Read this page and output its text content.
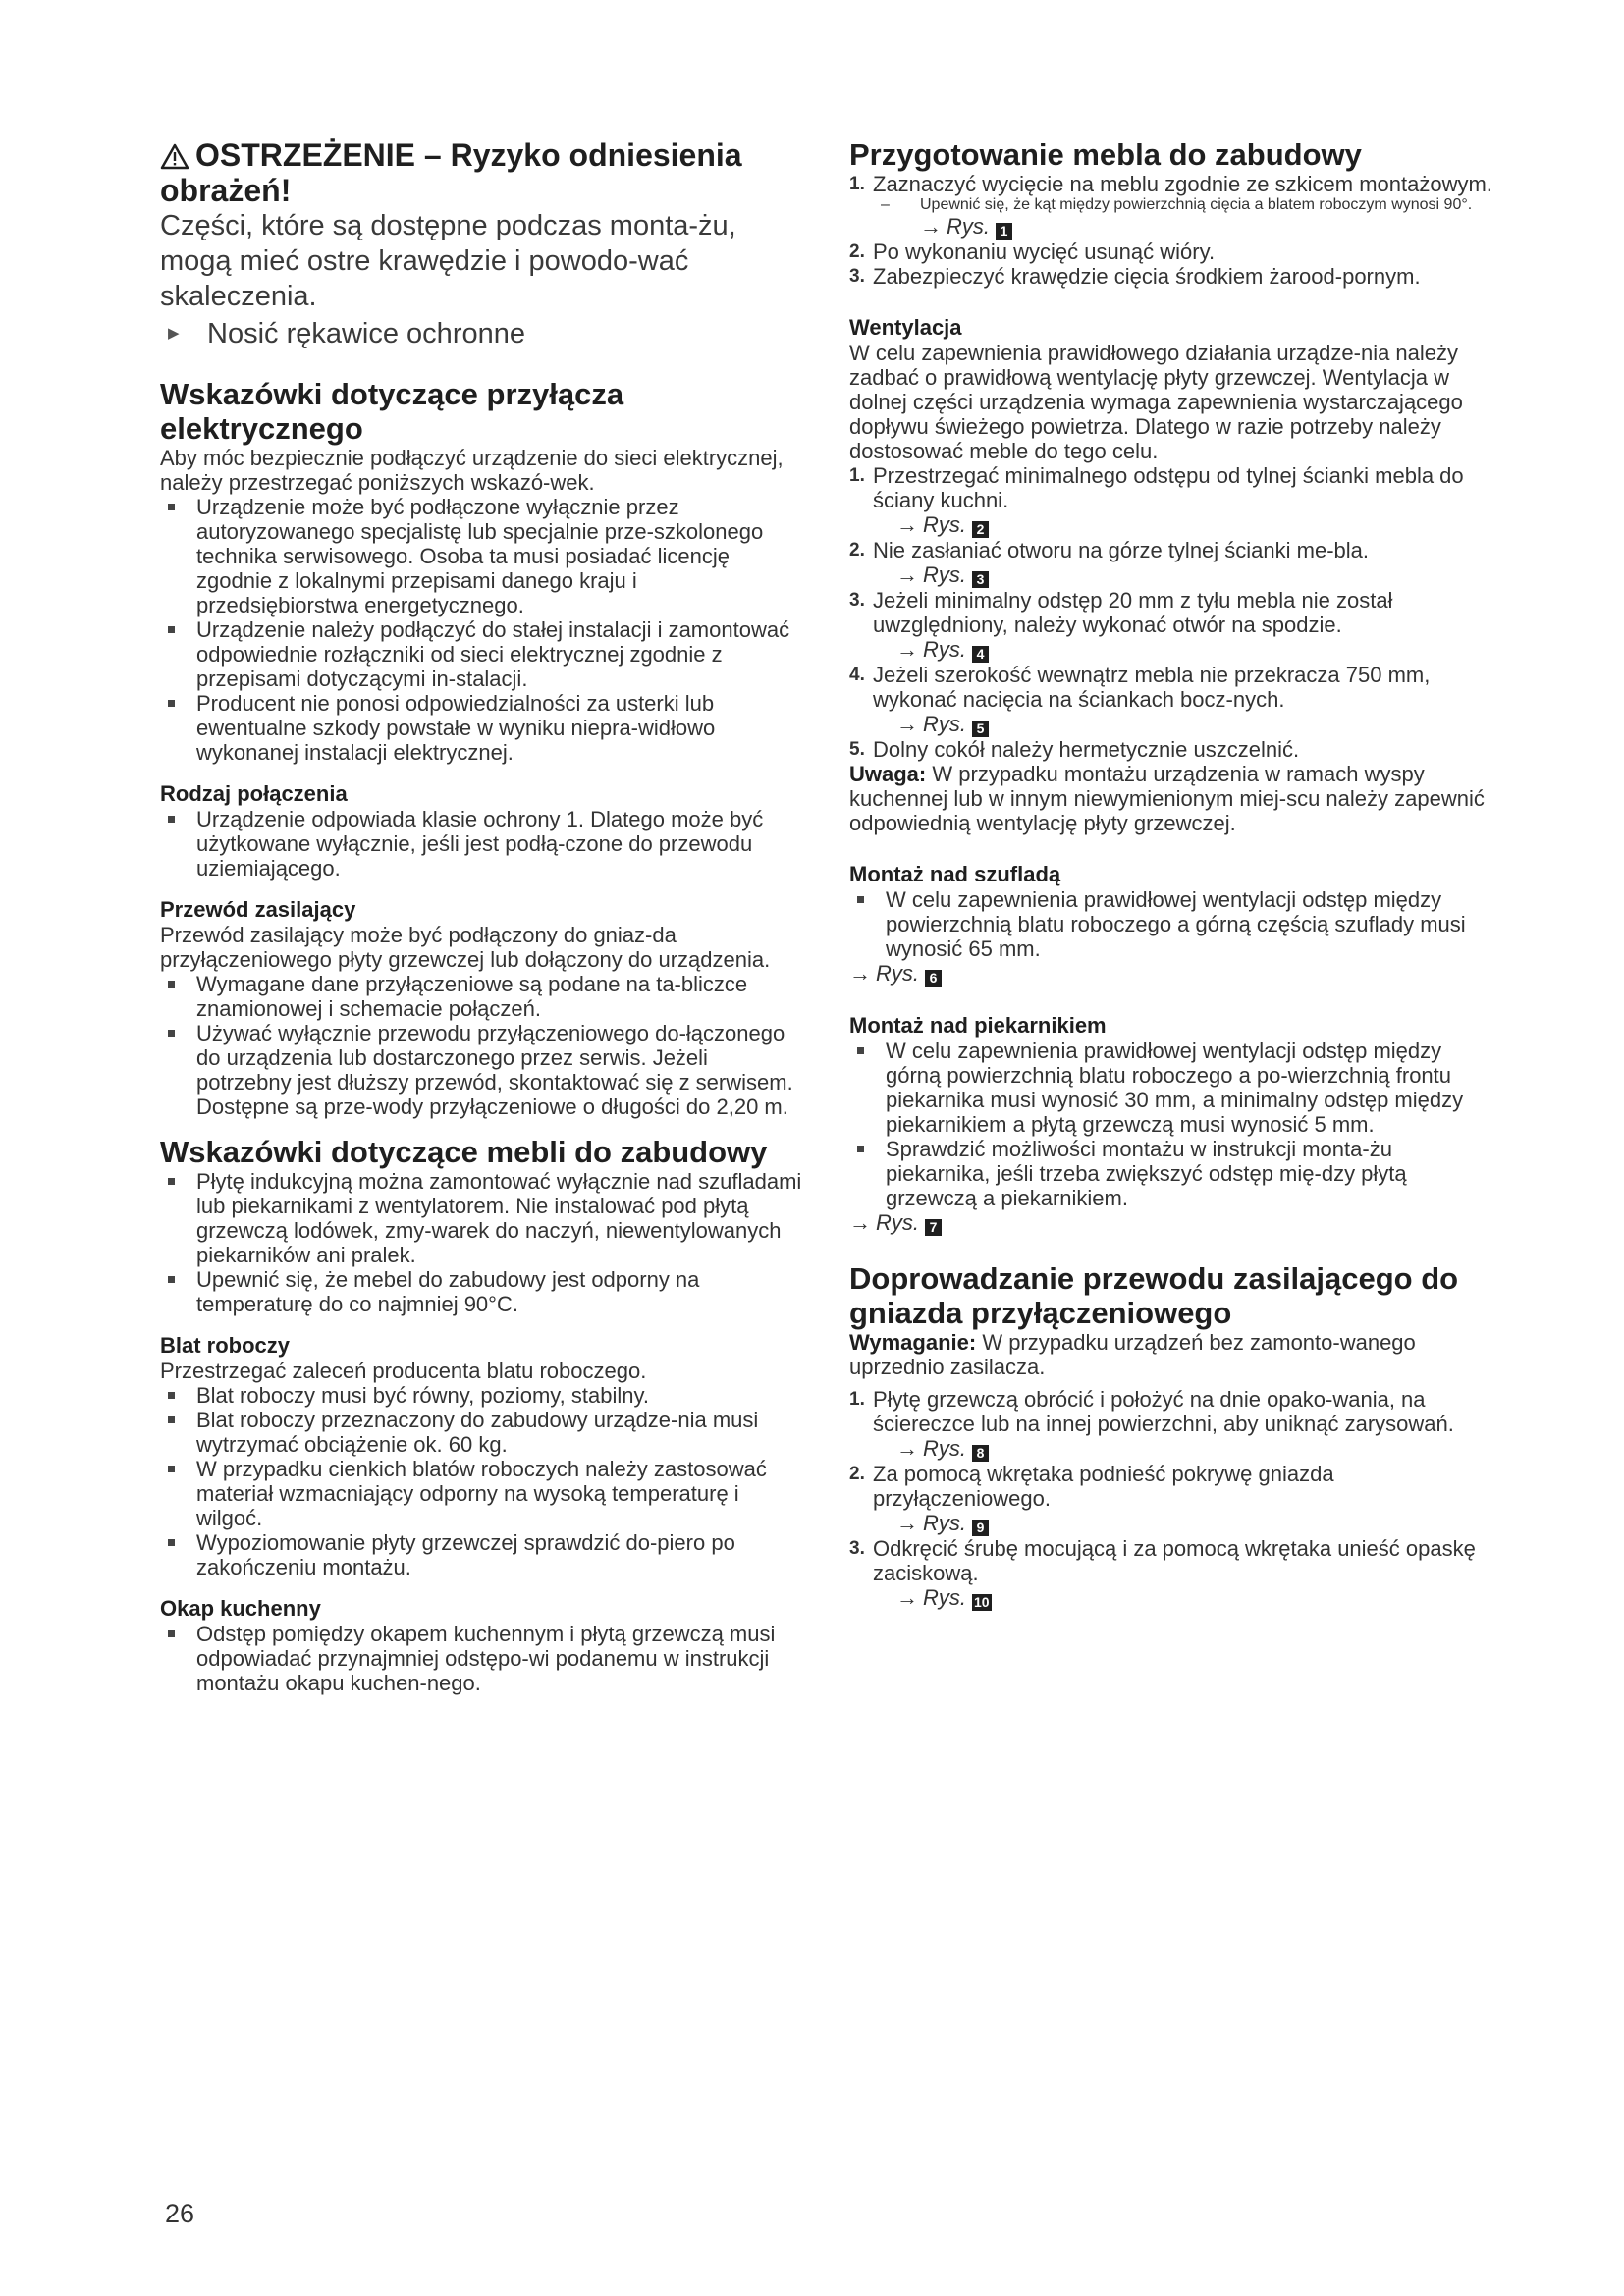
OSTRZEŻENIE – Ryzyko odniesienia obrażeń!
Części, które są dostępne podczas monta-żu, mogą mieć ostre krawędzie i powodo-wać skaleczenia.
▶ Nosić rękawice ochronne
Wskazówki dotyczące przyłącza elektrycznego

Aby móc bezpiecznie podłączyć urządzenie do sieci elektrycznej, należy przestrzegać poniższych wskazó-wek.

Urządzenie może być podłączone wyłącznie przez autoryzowanego specjalistę lub specjalnie prze-szkolonego technika serwisowego. Osoba ta musi posiadać licencję zgodnie z lokalnymi przepisami danego kraju i przedsiębiorstwa energetycznego.
Urządzenie należy podłączyć do stałej instalacji i zamontować odpowiednie rozłączniki od sieci elektrycznej zgodnie z przepisami dotyczącymi in-stalacji.
Producent nie ponosi odpowiedzialności za usterki lub ewentualne szkody powstałe w wyniku niepra-widłowo wykonanej instalacji elektrycznej.
Rodzaj połączenia
Urządzenie odpowiada klasie ochrony 1. Dlatego może być użytkowane wyłącznie, jeśli jest podłą-czone do przewodu uziemiającego.
Przewód zasilający

Przewód zasilający może być podłączony do gniaz-da przyłączeniowego płyty grzewczej lub dołączony do urządzenia.

Wymagane dane przyłączeniowe są podane na ta-bliczce znamionowej i schemacie połączeń.
Używać wyłącznie przewodu przyłączeniowego do-łączonego do urządzenia lub dostarczonego przez serwis. Jeżeli potrzebny jest dłuższy przewód, skontaktować się z serwisem. Dostępne są prze-wody przyłączeniowe o długości do 2,20 m.
Wskazówki dotyczące mebli do zabudowy
Płytę indukcyjną można zamontować wyłącznie nad szufladami lub piekarnikami z wentylatorem. Nie instalować pod płytą grzewczą lodówek, zmy-warek do naczyń, niewentylowanych piekarników ani pralek.
Upewnić się, że mebel do zabudowy jest odporny na temperaturę do co najmniej 90°C.
Blat roboczy

Przestrzegać zaleceń producenta blatu roboczego.

Blat roboczy musi być równy, poziomy, stabilny.
Blat roboczy przeznaczony do zabudowy urządze-nia musi wytrzymać obciążenie ok. 60 kg.
W przypadku cienkich blatów roboczych należy zastosować materiał wzmacniający odporny na wysoką temperaturę i wilgoć.
Wypoziomowanie płyty grzewczej sprawdzić do-piero po zakończeniu montażu.
Okap kuchenny
Odstęp pomiędzy okapem kuchennym i płytą grzewczą musi odpowiadać przynajmniej odstępo-wi podanemu w instrukcji montażu okapu kuchen-nego.
Przygotowanie mebla do zabudowy
1. Zaznaczyć wycięcie na meblu zgodnie ze szkicem montażowym.
–	Upewnić się, że kąt między powierzchnią cięcia a blatem roboczym wynosi 90°.

→ Rys. 1

2. Po wykonaniu wycięć usunąć wióry.
3. Zabezpieczyć krawędzie cięcia środkiem żarood-pornym.
Wentylacja

W celu zapewnienia prawidłowego działania urządze-nia należy zadbać o prawidłową wentylację płyty grzewczej. Wentylacja w dolnej części urządzenia wymaga zapewnienia wystarczającego dopływu świeżego powietrza. Dlatego w razie potrzeby należy dostosować meble do tego celu.

1. Przestrzegać minimalnego odstępu od tylnej ścianki mebla do ściany kuchni.

→ Rys. 2

2. Nie zasłaniać otworu na górze tylnej ścianki me-bla.

→ Rys. 3

3. Jeżeli minimalny odstęp 20 mm z tyłu mebla nie został uwzględniony, należy wykonać otwór na spodzie.

→ Rys. 4

4. Jeżeli szerokość wewnątrz mebla nie przekracza 750 mm, wykonać nacięcia na ściankach bocz-nych.

→ Rys. 5

5. Dolny cokół należy hermetycznie uszczelnić.

Uwaga: W przypadku montażu urządzenia w ramach wyspy kuchennej lub w innym niewymienionym miej-scu należy zapewnić odpowiednią wentylację płyty grzewczej.

Montaż nad szufladą
W celu zapewnienia prawidłowej wentylacji odstęp między powierzchnią blatu roboczego a górną częścią szuflady musi wynosić 65 mm.

→ Rys. 6

Montaż nad piekarnikiem
W celu zapewnienia prawidłowej wentylacji odstęp między górną powierzchnią blatu roboczego a po-wierzchnią frontu piekarnika musi wynosić 30 mm, a minimalny odstęp między piekarnikiem a płytą grzewczą musi wynosić 5 mm.
Sprawdzić możliwości montażu w instrukcji monta-żu piekarnika, jeśli trzeba zwiększyć odstęp mię-dzy płytą grzewczą a piekarnikiem.

→ Rys. 7

Doprowadzanie przewodu zasilającego do gniazda przyłączeniowego

Wymaganie: W przypadku urządzeń bez zamonto-wanego uprzednio zasilacza.

1. Płytę grzewczą obrócić i położyć na dnie opako-wania, na ściereczce lub na innej powierzchni, aby uniknąć zarysowań.

→ Rys. 8

2. Za pomocą wkrętaka podnieść pokrywę gniazda przyłączeniowego.

→ Rys. 9

3. Odkręcić śrubę mocującą i za pomocą wkrętaka unieść opaskę zaciskową.

→ Rys. 10

26
